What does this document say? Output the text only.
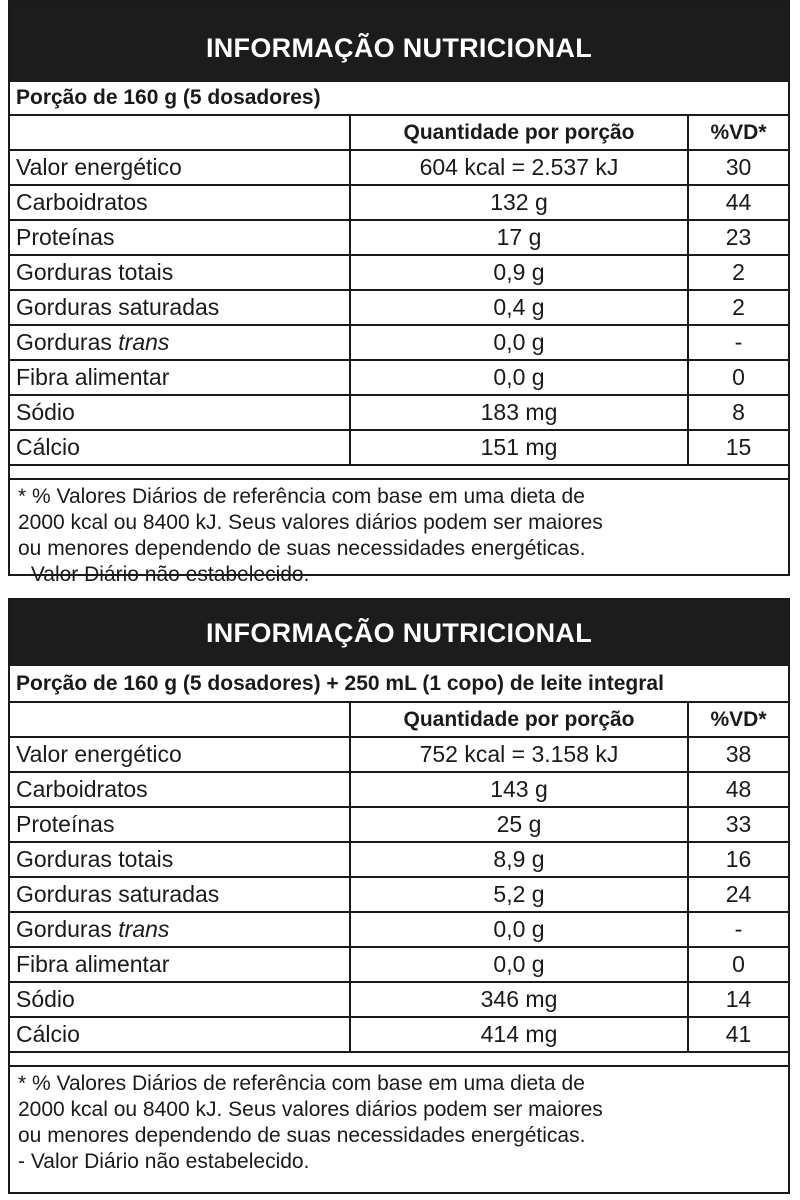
INFORMAÇÃO NUTRICIONAL
Porção de 160 g (5 dosadores)
	Quantidade por porção	%VD*
Valor energético	604 kcal = 2.537 kJ	30
Carboidratos	132 g	44
Proteínas	17 g	23
Gorduras totais	0,9 g	2
Gorduras saturadas	0,4 g	2
Gorduras trans	0,0 g	-
Fibra alimentar	0,0 g	0
Sódio	183 mg	8
Cálcio	151 mg	15
* % Valores Diários de referência com base em uma dieta de
2000 kcal ou 8400 kJ. Seus valores diários podem ser maiores
ou menores dependendo de suas necessidades energéticas.
- Valor Diário não estabelecido.
INFORMAÇÃO NUTRICIONAL
Porção de 160 g (5 dosadores) + 250 mL (1 copo) de leite integral
	Quantidade por porção	%VD*
Valor energético	752 kcal = 3.158 kJ	38
Carboidratos	143 g	48
Proteínas	25 g	33
Gorduras totais	8,9 g	16
Gorduras saturadas	5,2 g	24
Gorduras trans	0,0 g	-
Fibra alimentar	0,0 g	0
Sódio	346 mg	14
Cálcio	414 mg	41
* % Valores Diários de referência com base em uma dieta de
2000 kcal ou 8400 kJ. Seus valores diários podem ser maiores
ou menores dependendo de suas necessidades energéticas.
- Valor Diário não estabelecido.
